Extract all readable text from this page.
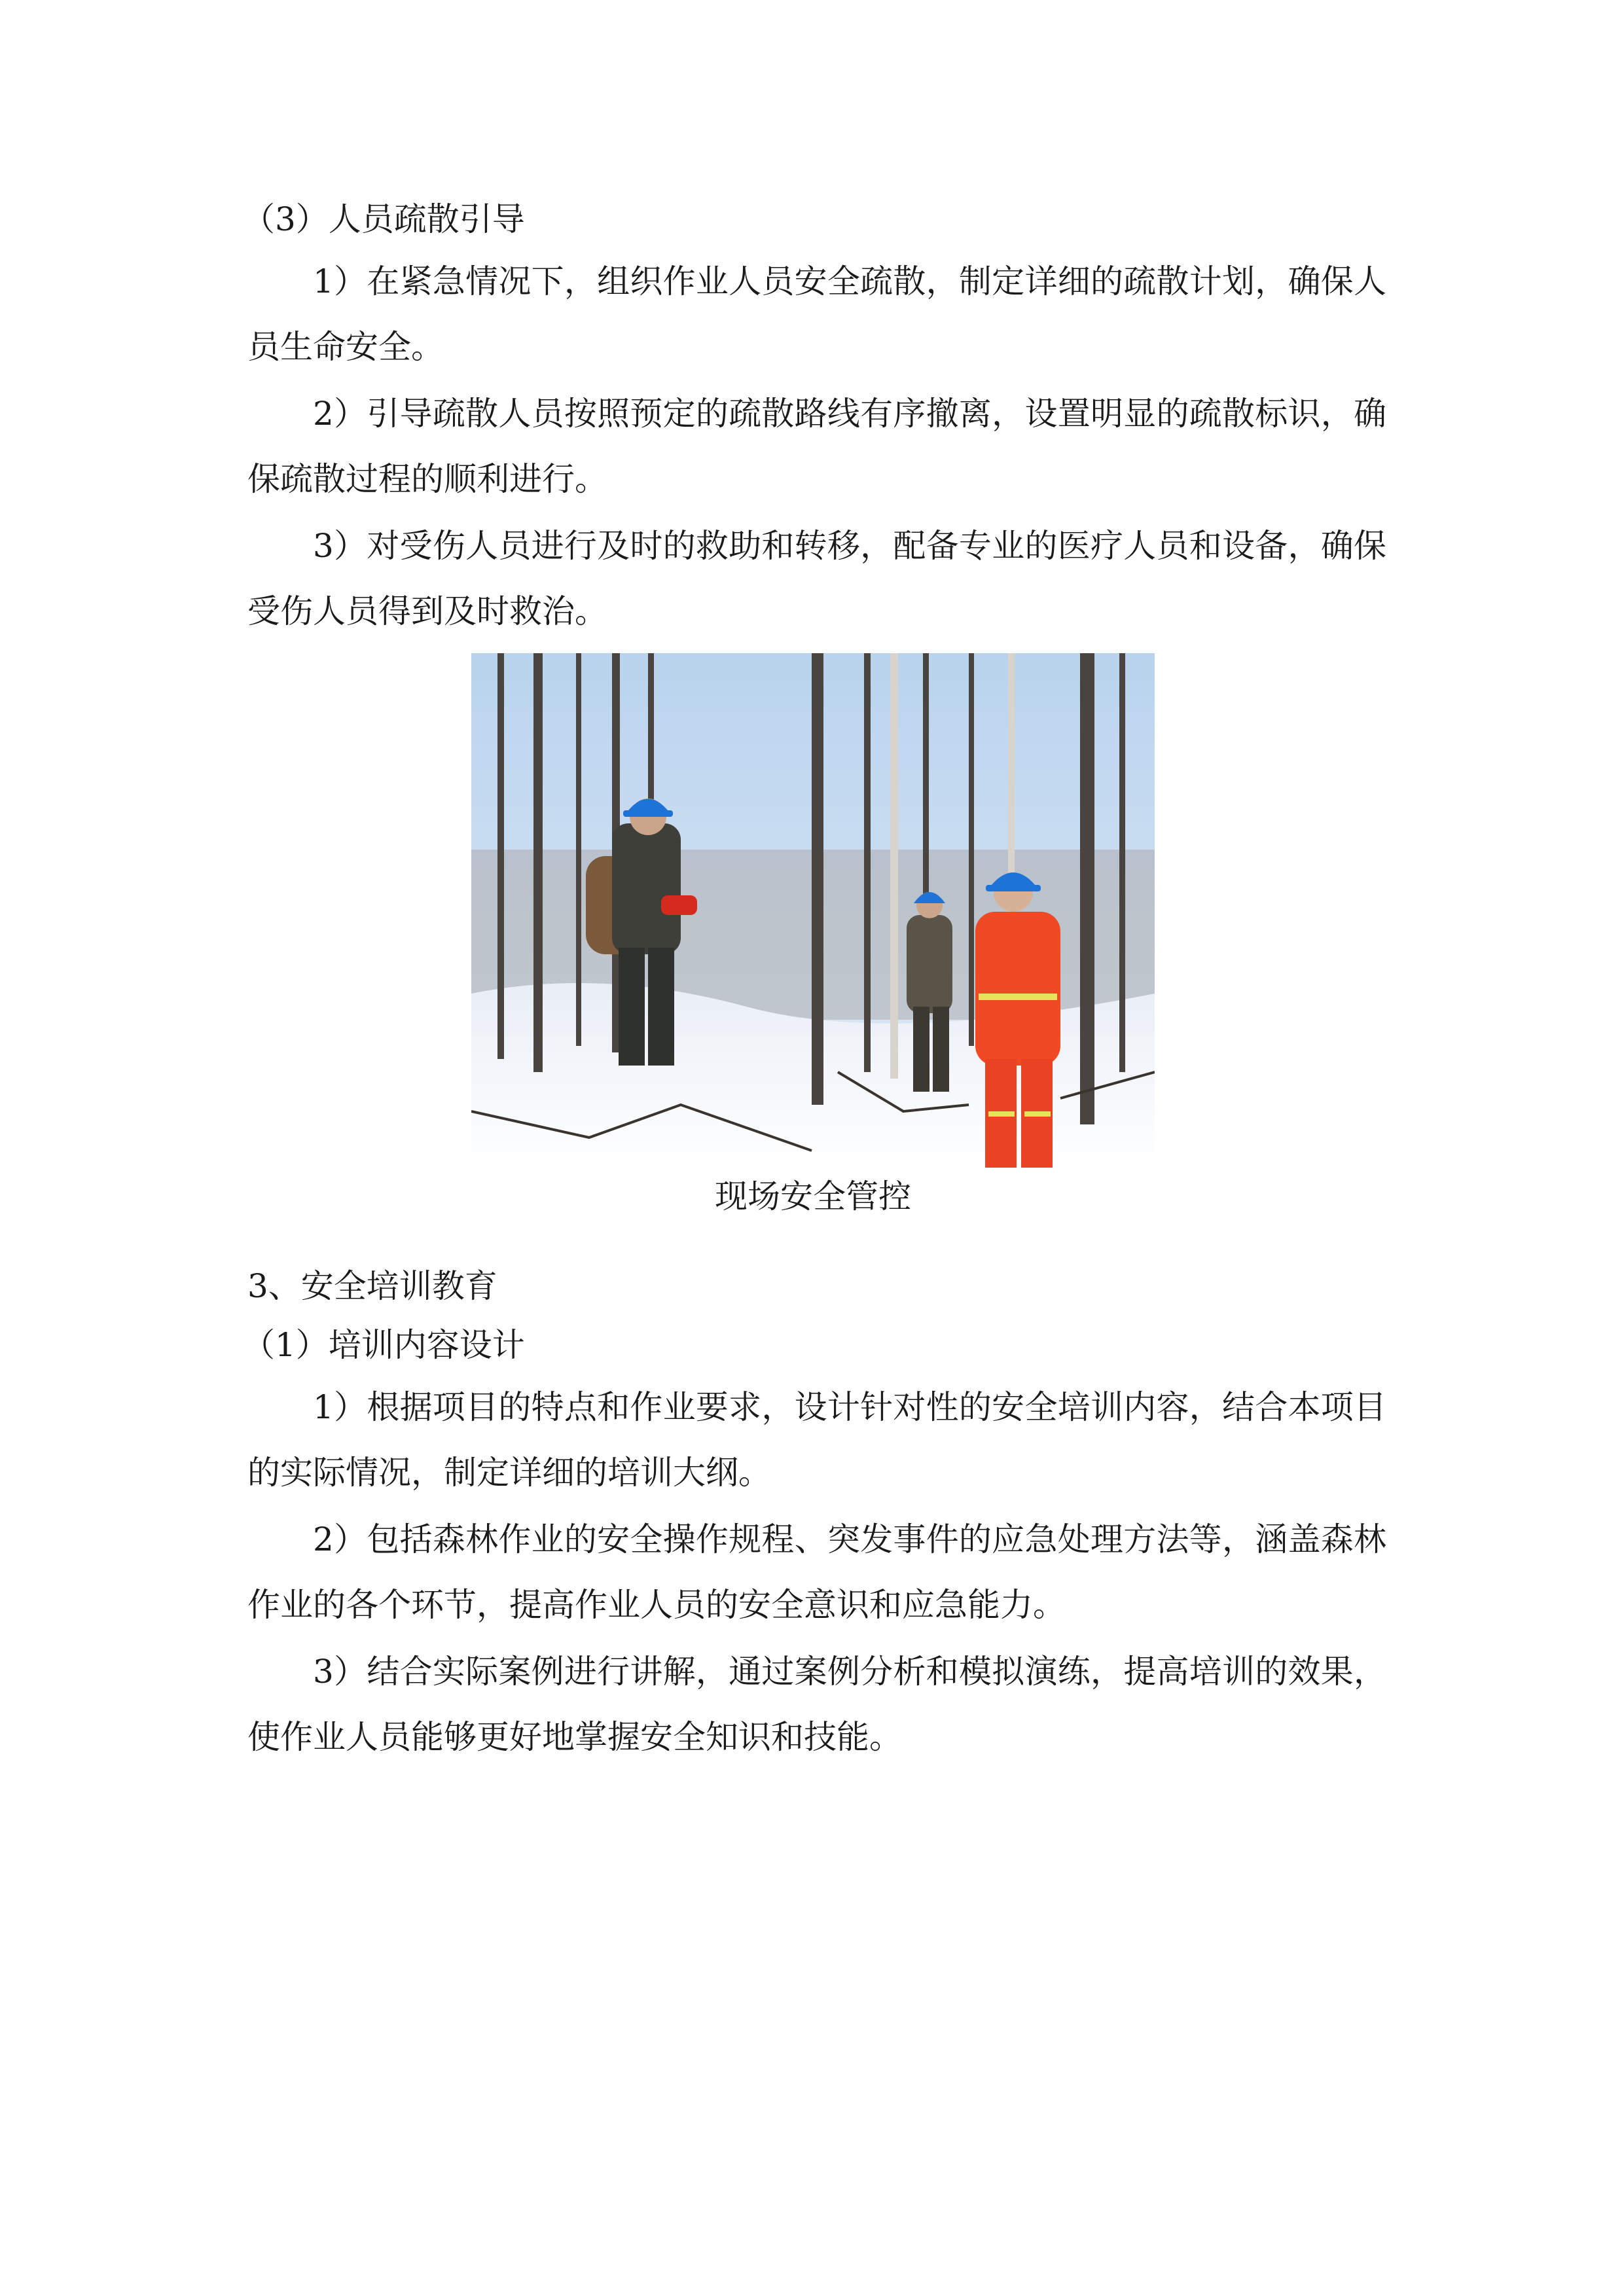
（3）人员疏散引导
1）在紧急情况下，组织作业人员安全疏散，制定详细的疏散计划，确保人员生命安全。
2）引导疏散人员按照预定的疏散路线有序撤离，设置明显的疏散标识，确保疏散过程的顺利进行。
3）对受伤人员进行及时的救助和转移，配备专业的医疗人员和设备，确保受伤人员得到及时救治。
现场安全管控
3、安全培训教育
（1）培训内容设计
1）根据项目的特点和作业要求，设计针对性的安全培训内容，结合本项目的实际情况，制定详细的培训大纲。
2）包括森林作业的安全操作规程、突发事件的应急处理方法等，涵盖森林作业的各个环节，提高作业人员的安全意识和应急能力。
3）结合实际案例进行讲解，通过案例分析和模拟演练，提高培训的效果，使作业人员能够更好地掌握安全知识和技能。
